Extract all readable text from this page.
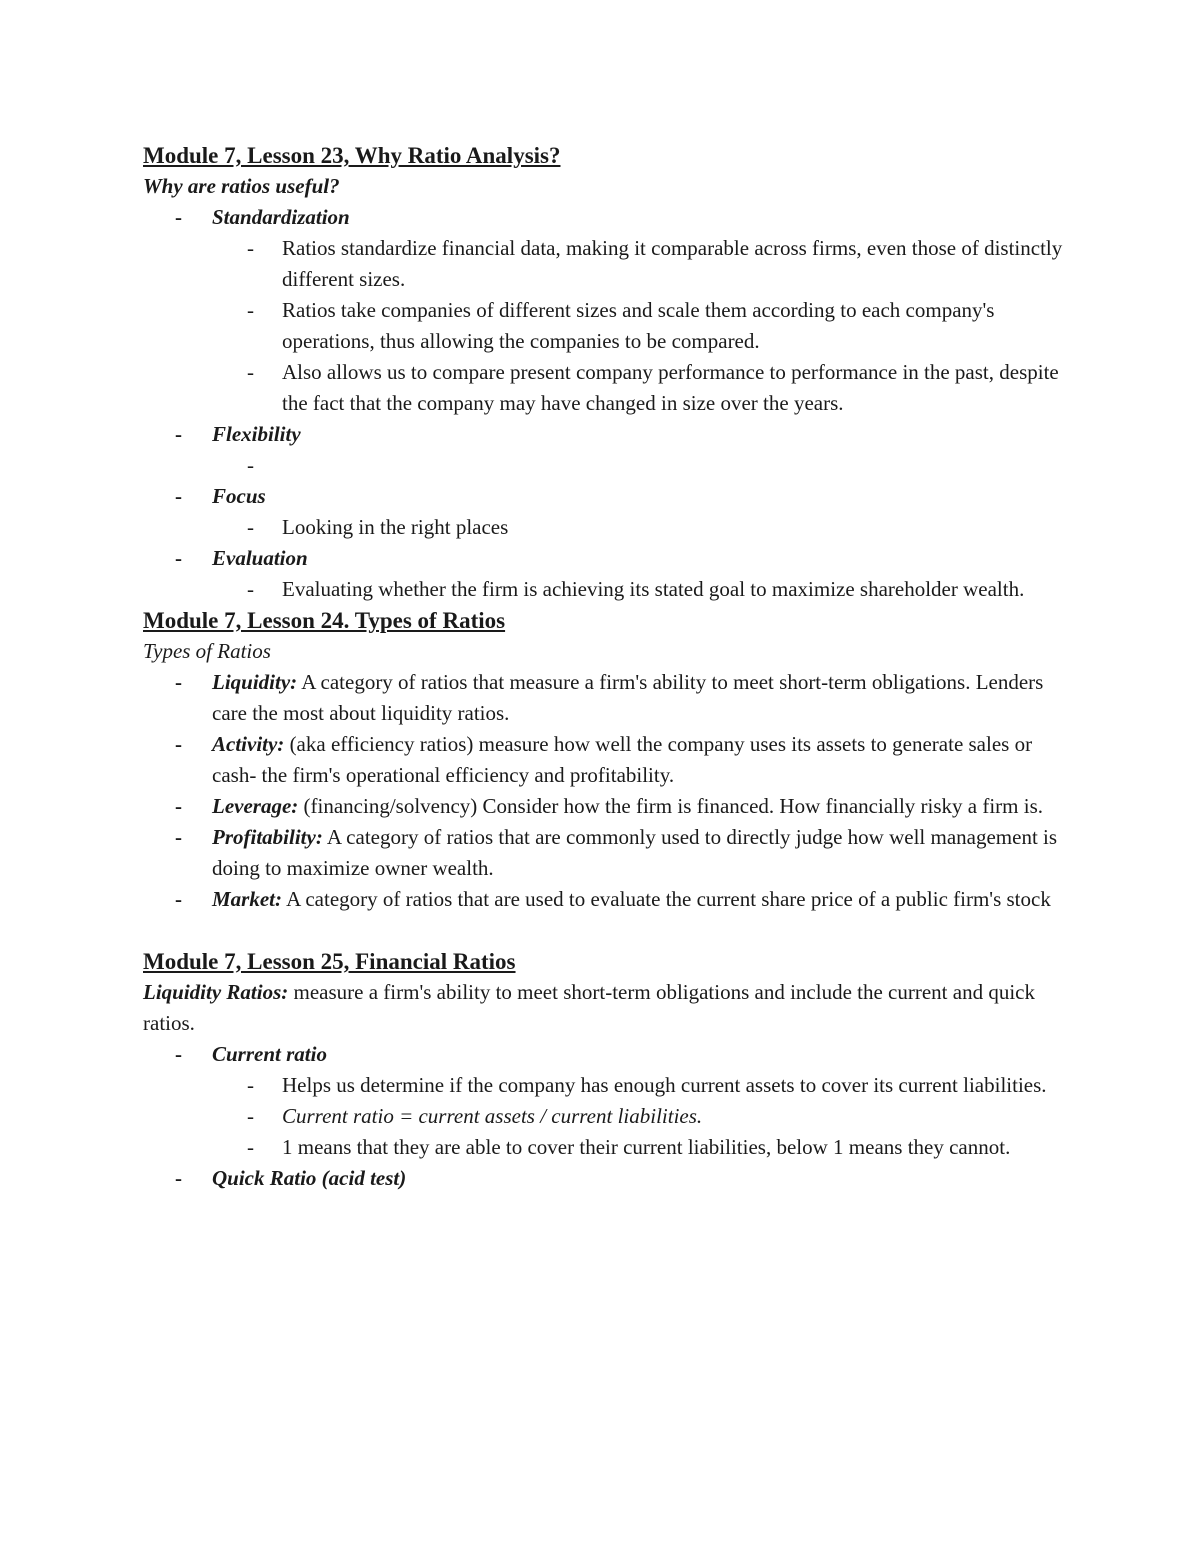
Module 7, Lesson 23, Why Ratio Analysis?
Why are ratios useful?
- Standardization
- Ratios standardize financial data, making it comparable across firms, even those of distinctly different sizes.
- Ratios take companies of different sizes and scale them according to each company's operations, thus allowing the companies to be compared.
- Also allows us to compare present company performance to performance in the past, despite the fact that the company may have changed in size over the years.
- Flexibility
-

- Focus
- Looking in the right places
- Evaluation
- Evaluating whether the firm is achieving its stated goal to maximize shareholder wealth.
Module 7, Lesson 24. Types of Ratios
Types of Ratios
- Liquidity: A category of ratios that measure a firm's ability to meet short-term obligations. Lenders care the most about liquidity ratios.
- Activity: (aka efficiency ratios) measure how well the company uses its assets to generate sales or cash- the firm's operational efficiency and profitability.
- Leverage: (financing/solvency) Consider how the firm is financed. How financially risky a firm is.
- Profitability: A category of ratios that are commonly used to directly judge how well management is doing to maximize owner wealth.
- Market: A category of ratios that are used to evaluate the current share price of a public firm's stock
Module 7, Lesson 25, Financial Ratios
Liquidity Ratios: measure a firm's ability to meet short-term obligations and include the current and quick ratios.
- Current ratio
- Helps us determine if the company has enough current assets to cover its current liabilities.
- Current ratio = current assets / current liabilities.
- 1 means that they are able to cover their current liabilities, below 1 means they cannot.
- Quick Ratio (acid test)
